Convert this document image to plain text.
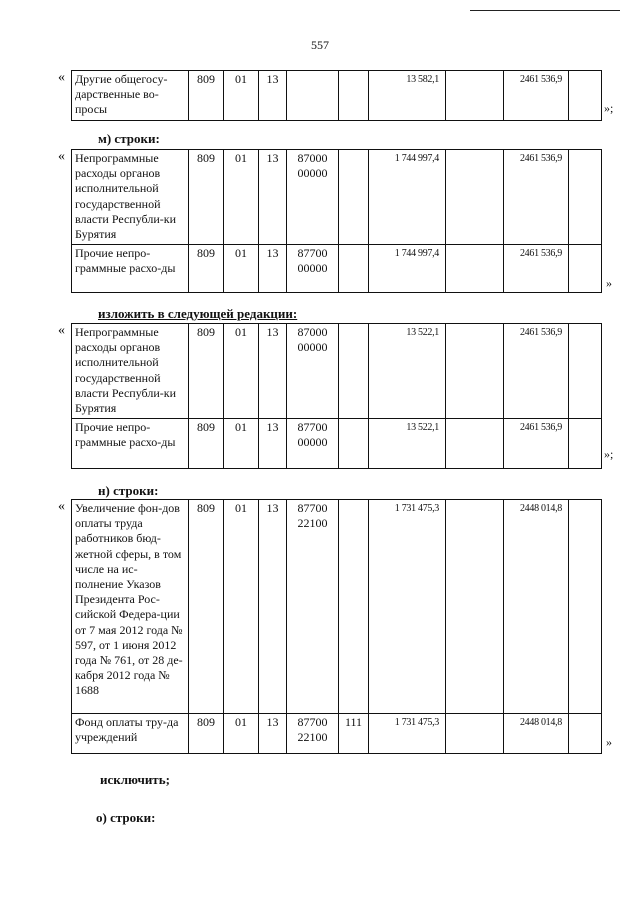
557
« Другие общегосу-дарственные во-просы	809	01	13			13 582,1		2461 536,9	
»;
м) строки:
« Непрограммные расходы органов исполнительной государственной власти Республи-ки Бурятия	809	01	13	87000 00000		1 744 997,4		2461 536,9	
Прочие непро-граммные расхо-ды	809	01	13	87700 00000		1 744 997,4		2461 536,9	
»
изложить в следующей редакции:
« Непрограммные расходы органов исполнительной государственной власти Республи-ки Бурятия	809	01	13	87000 00000		13 522,1		2461 536,9	
Прочие непро-граммные расхо-ды	809	01	13	87700 00000		13 522,1		2461 536,9	
»;
н) строки:
« Увеличение фон-дов оплаты труда работников бюд-жетной сферы, в том числе на ис-полнение Указов Президента Рос-сийской Федера-ции от 7 мая 2012 года № 597, от 1 июня 2012 года № 761, от 28 де-кабря 2012 года № 1688	809	01	13	87700 22100		1 731 475,3		2448 014,8	
Фонд оплаты тру-да учреждений	809	01	13	87700 22100	111	1 731 475,3		2448 014,8	
»
исключить;
о) строки:
